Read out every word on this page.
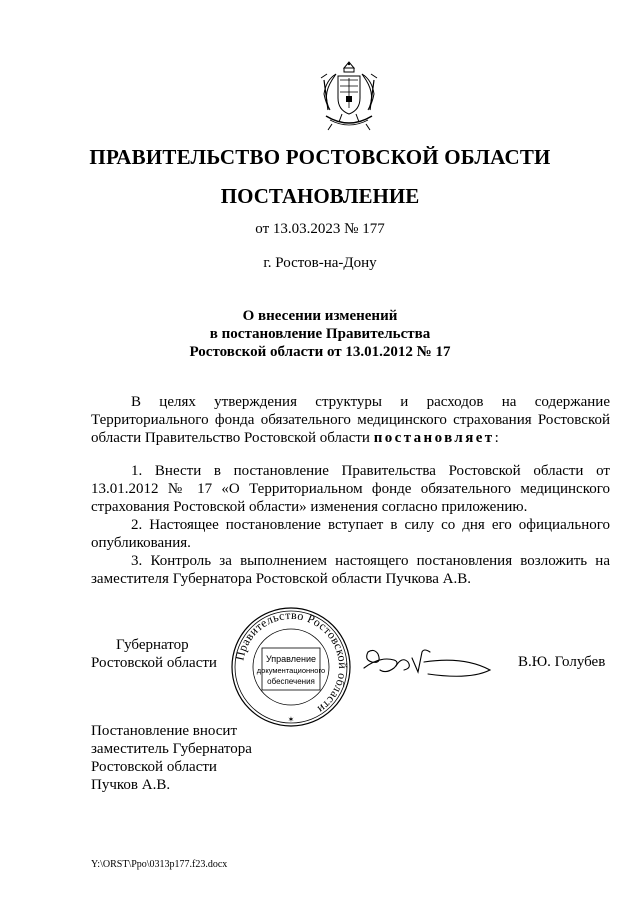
ПРАВИТЕЛЬСТВО РОСТОВСКОЙ ОБЛАСТИ
ПОСТАНОВЛЕНИЕ
от 13.03.2023 № 177
г. Ростов-на-Дону
О внесении изменений
в постановление Правительства
Ростовской области от 13.01.2012 № 17
В целях утверждения структуры и расходов на содержание Территориального фонда обязательного медицинского страхования Ростовской области Правительство Ростовской области постановляет:
1. Внести в постановление Правительства Ростовской области от 13.01.2012 № 17 «О Территориальном фонде обязательного медицинского страхования Ростовской области» изменения согласно приложению.
2. Настоящее постановление вступает в силу со дня его официального опубликования.
3. Контроль за выполнением настоящего постановления возложить на заместителя Губернатора Ростовской области Пучкова А.В.
Губернатор
Ростовской области Правительство Ростовской области
Управление
документационного
обеспечения
✶
В.Ю. Голубев
Постановление вносит
заместитель Губернатора
Ростовской области
Пучков А.В.
Y:\ORST\Ppo\0313p177.f23.docx
